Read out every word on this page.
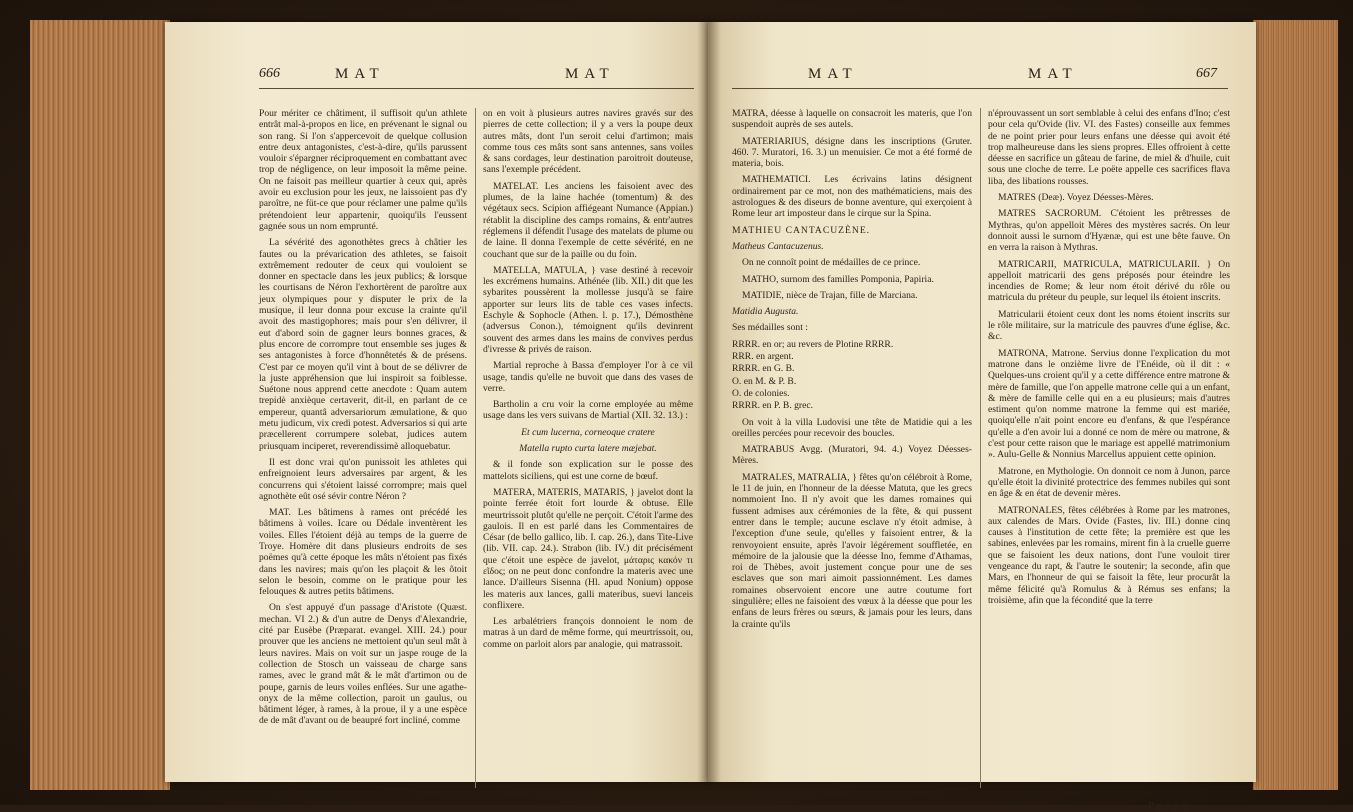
666	MAT	MAT

Pour mériter ce châtiment, il suffisoit qu'un athlete entrât mal-à-propos en lice, en prévenant le signal ou son rang. Si l'on s'appercevoit de quelque collusion entre deux antagonistes, c'est-à-dire, qu'ils parussent vouloir s'épargner réciproquement en combattant avec trop de négligence, on leur imposoit la même peine. On ne faisoit pas meilleur quartier à ceux qui, après avoir eu exclusion pour les jeux, ne laissoient pas d'y paroître, ne füt-ce que pour réclamer une palme qu'ils prétendoient leur appartenir, quoiqu'ils l'eussent gagnée sous un nom emprunté.

La sévérité des agonothètes grecs à châtier les fautes ou la prévarication des athletes, se faisoit extrêmement redouter de ceux qui vouloient se donner en spectacle dans les jeux publics; & lorsque les courtisans de Néron l'exhortèrent de paroître aux jeux olympiques pour y disputer le prix de la musique, il leur donna pour excuse la crainte qu'il avoit des mastigophores; mais pour s'en délivrer, il eut d'abord soin de gagner leurs bonnes graces, & plus encore de corrompre tout ensemble ses juges & ses antagonistes à force d'honnêtetés & de présens. C'est par ce moyen qu'il vint à bout de se délivrer de la juste appréhension que lui inspiroit sa foiblesse. Suétone nous apprend cette anecdote : Quam autem trepidè anxièque certaverit, dit-il, en parlant de ce empereur, quantâ adversariorum æmulatione, & quo metu judicum, vix credi potest. Adversarios si qui arte præcellerent corrumpere solebat, judices autem priusquam inciperet, reverendissimè alloquebatur.

Il est donc vrai qu'on punissoit les athletes qui enfreignoient leurs adversaires par argent, & les concurrens qui s'étoient laissé corrompre; mais quel agnothète eût osé sévir contre Néron ?

MAT. Les bâtimens à rames ont précédé les bâtimens à voiles. Icare ou Dédale inventèrent les voiles. Elles l'étoient déjà au temps de la guerre de Troye. Homère dit dans plusieurs endroits de ses poëmes qu'à cette époque les mâts n'étoient pas fixés dans les navires; mais qu'on les plaçoit & les ôtoit selon le besoin, comme on le pratique pour les felouques & autres petits bâtimens.

On s'est appuyé d'un passage d'Aristote (Quæst. mechan. VI 2.) & d'un autre de Denys d'Alexandrie, cité par Eusèbe (Præparat. evangel. XIII. 24.) pour prouver que les anciens ne mettoient qu'un seul mât à leurs navires. Mais on voit sur un jaspe rouge de la collection de Stosch un vaisseau de charge sans rames, avec le grand mât & le mât d'artimon ou de poupe, garnis de leurs voiles enflées. Sur une agathe-onyx de la même collection, paroit un gaulus, ou bâtiment léger, à rames, à la proue, il y a une espèce de de mât d'avant ou de beaupré fort incliné, comme

on en voit à plusieurs autres navires gravés sur des pierres de cette collection; il y a vers la poupe deux autres mâts, dont l'un seroit celui d'artimon; mais comme tous ces mâts sont sans antennes, sans voiles & sans cordages, leur destination paroitroit douteuse, sans l'exemple précédent.

MATELAT. Les anciens les faisoient avec des plumes, de la laine hachée (tomentum) & des végétaux secs. Scipion affiégeant Numance (Appian.) rétablit la discipline des camps romains, & entr'autres réglemens il défendit l'usage des matelats de plume ou de laine. Il donna l'exemple de cette sévérité, en ne couchant que sur de la paille ou du foin.

MATELLA, MATULA, } vase destiné à recevoir les excrémens humains. Athénée (lib. XII.) dit que les sybarites poussèrent la mollesse jusqu'à se faire apporter sur leurs lits de table ces vases infects. Eschyle & Sophocle (Athen. l. p. 17.), Démosthène (adversus Conon.), témoignent qu'ils devinrent souvent des armes dans les mains de convives perdus d'ivresse & privés de raison.

Martial reproche à Bassa d'employer l'or à ce vil usage, tandis qu'elle ne buvoit que dans des vases de verre.

Bartholin a cru voir la corne employée au même usage dans les vers suivans de Martial (XII. 32. 13.) :

Et cum lucerna, corneoque cratere

Matella rupto curta latere mæjebat.

& il fonde son explication sur le posse des mattelots siciliens, qui est une corne de bœuf.

MATERA, MATERIS, MATARIS, } javelot dont la pointe ferrée étoit fort lourde & obtuse. Elle meurtrissoit plutôt qu'elle ne perçoit. C'étoit l'arme des gaulois. Il en est parlé dans les Commentaires de César (de bello gallico, lib. I. cap. 26.), dans Tite-Live (lib. VII. cap. 24.). Strabon (lib. IV.) dit précisément que c'étoit une espèce de javelot, μάταρις κακόν τι εῖδος; on ne peut donc confondre la materis avec une lance. D'ailleurs Sisenna (Hl. apud Nonium) oppose les materis aux lances, galli materibus, suevi lanceis conflixere.

Les arbalétriers françois donnoient le nom de matras à un dard de même forme, qui meurtrissoit, ou, comme on parloit alors par analogie, qui matrassoit.

MAT	MAT	667

MATRA, déesse à laquelle on consacroit les materis, que l'on suspendoit auprès de ses autels.

MATERIARIUS, désigne dans les inscriptions (Gruter. 460. 7. Muratori, 16. 3.) un menuisier. Ce mot a été formé de materia, bois.

MATHEMATICI. Les écrivains latins désignent ordinairement par ce mot, non des mathématiciens, mais des astrologues & des diseurs de bonne aventure, qui exerçoient à Rome leur art imposteur dans le cirque sur la Spina.

MATHIEU CANTACUZÈNE.

Matheus Cantacuzenus.

On ne connoît point de médailles de ce prince.

MATHO, surnom des familles Pomponia, Papiria.

MATIDIE, nièce de Trajan, fille de Marciana.

Matidia Augusta.

Ses médailles sont :

RRRR. en or; au revers de Plotine RRRR.

RRR. en argent.

RRRR. en G. B.

O. en M. & P. B.

O. de colonies.

RRRR. en P. B. grec.

On voit à la villa Ludovisi une tête de Matidie qui a les oreilles percées pour recevoir des boucles.

MATRABUS Avgg. (Muratori, 94. 4.) Voyez Déesses-Mères.

MATRALES, MATRALIA, } fêtes qu'on célébroit à Rome, le 11 de juin, en l'honneur de la déesse Matuta, que les grecs nommoient Ino. Il n'y avoit que les dames romaines qui fussent admises aux cérémonies de la fête, & qui pussent entrer dans le temple; aucune esclave n'y étoit admise, à l'exception d'une seule, qu'elles y faisoient entrer, & la renvoyoient ensuite, après l'avoir légérement souffletée, en mémoire de la jalousie que la déesse Ino, femme d'Athamas, roi de Thèbes, avoit justement conçue pour une de ses esclaves que son mari aimoit passionnément. Les dames romaines observoient encore une autre coutume fort singulière; elles ne faisoient des vœux à la déesse que pour les enfans de leurs frères ou sœurs, & jamais pour les leurs, dans la crainte qu'ils

n'éprouvassent un sort semblable à celui des enfans d'Ino; c'est pour cela qu'Ovide (liv. VI. des Fastes) conseille aux femmes de ne point prier pour leurs enfans une déesse qui avoit été trop malheureuse dans les siens propres. Elles offroient à cette déesse en sacrifice un gâteau de farine, de miel & d'huile, cuit sous une cloche de terre. Le poëte appelle ces sacrifices flava liba, des libations rousses.

MATRES (Deæ). Voyez Déesses-Mères.

MATRES SACRORUM. C'étoient les prêtresses de Mythras, qu'on appelloit Mères des mystères sacrés. On leur donnoit aussi le surnom d'Hyænæ, qui est une bête fauve. On en verra la raison à Mythras.

MATRICARII, MATRICULA, MATRICULARII. } On appelloit matricarii des gens préposés pour éteindre les incendies de Rome; & leur nom étoit dérivé du rôle ou matricula du préteur du peuple, sur lequel ils étoient inscrits.

Matricularii étoient ceux dont les noms étoient inscrits sur le rôle militaire, sur la matricule des pauvres d'une église, &c. &c.

MATRONA, Matrone. Servius donne l'explication du mot matrone dans le onzième livre de l'Enéide, où il dit : « Quelques-uns croient qu'il y a cette différence entre matrone & mère de famille, que l'on appelle matrone celle qui a un enfant, & mère de famille celle qui en a eu plusieurs; mais d'autres estiment qu'on nomme matrone la femme qui est mariée, quoiqu'elle n'ait point encore eu d'enfans, & que l'espérance qu'elle a d'en avoir lui a donné ce nom de mère ou matrone, & c'est pour cette raison que le mariage est appellé matrimonium ». Aulu-Gelle & Nonnius Marcellus appuient cette opinion.

Matrone, en Mythologie. On donnoit ce nom à Junon, parce qu'elle étoit la divinité protectrice des femmes nubiles qui sont en âge & en état de devenir mères.

MATRONALES, fêtes célébrées à Rome par les matrones, aux calendes de Mars. Ovide (Fastes, liv. III.) donne cinq causes à l'institution de cette fête; la première est que les sabines, enlevées par les romains, mirent fin à la cruelle guerre que se faisoient les deux nations, dont l'une vouloit tirer vengeance du rapt, & l'autre le soutenir; la seconde, afin que Mars, en l'honneur de qui se faisoit la fête, leur procurât la même félicité qu'à Romulus & à Rémus ses enfans; la troisième, afin que la fécondité que la terre

P p p p ij
